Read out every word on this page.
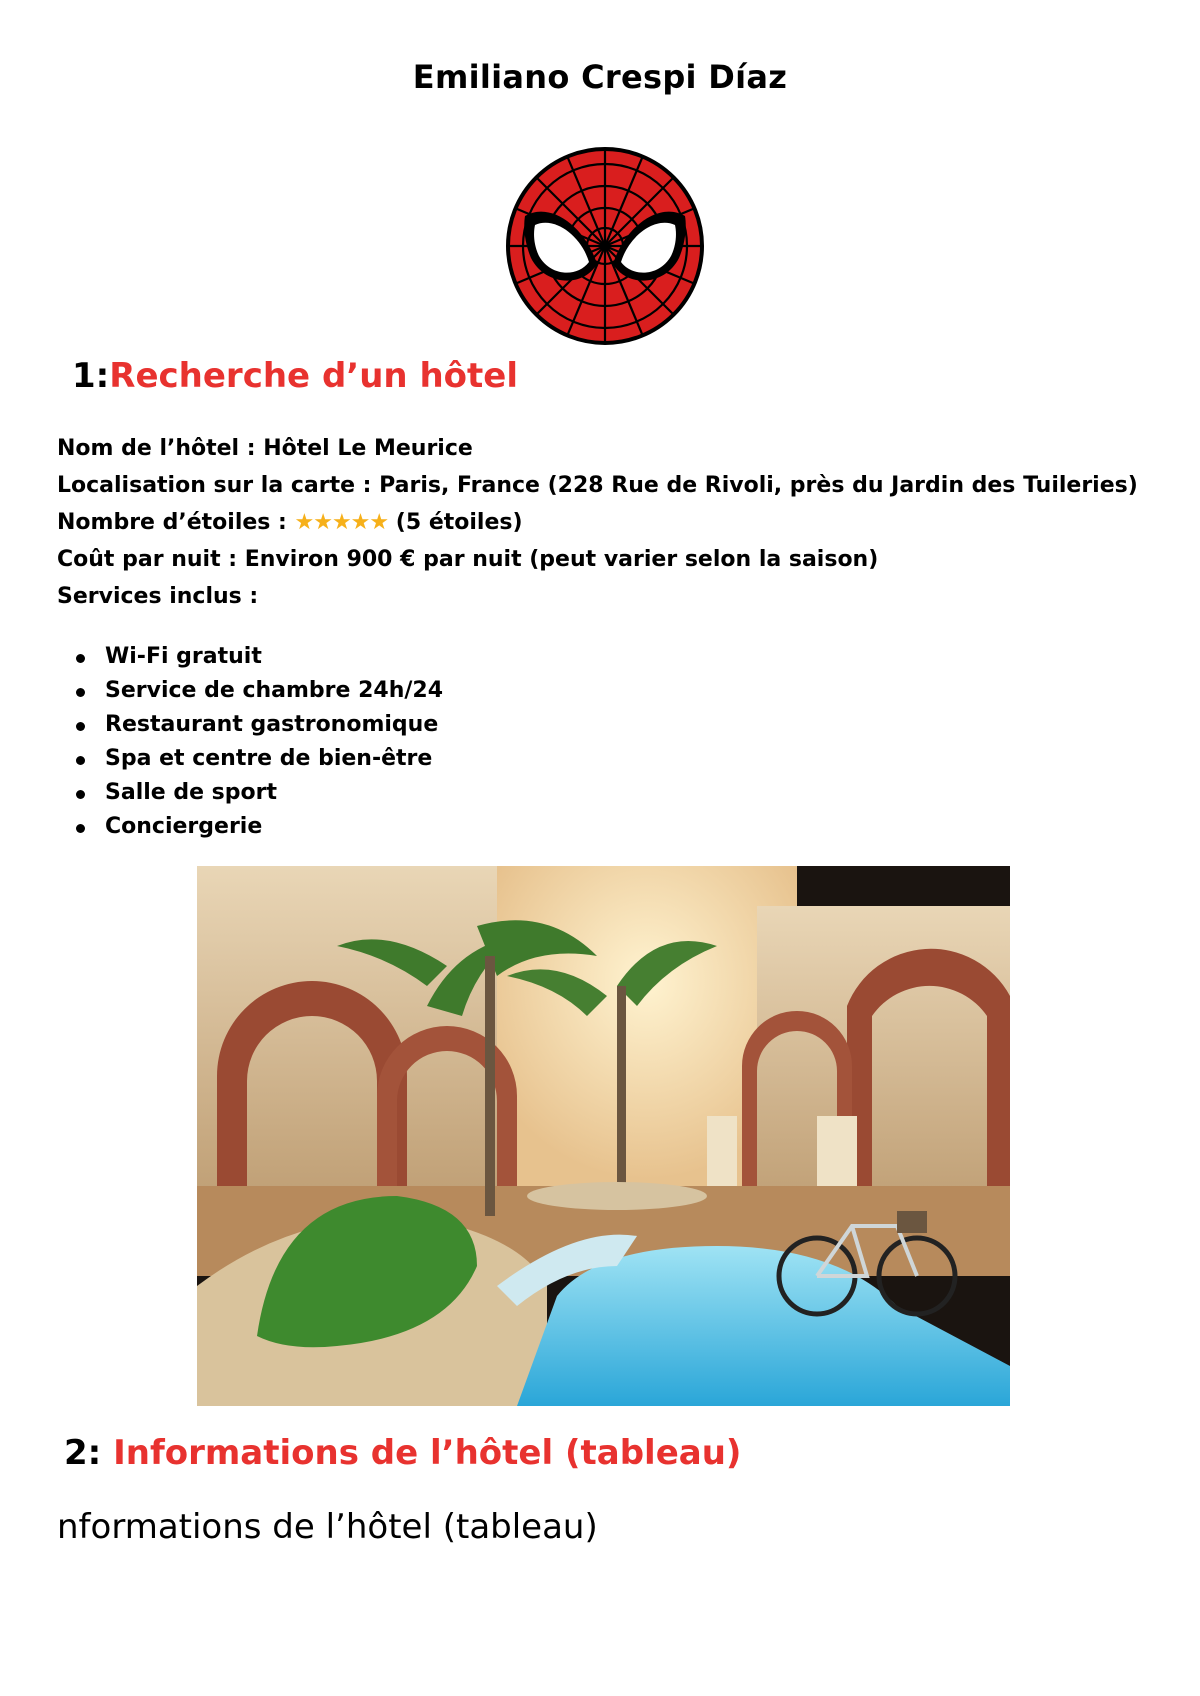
Emiliano Crespi Díaz
1:Recherche d’un hôtel
Nom de l’hôtel : Hôtel Le Meurice
Localisation sur la carte : Paris, France (228 Rue de Rivoli, près du Jardin des Tuileries)
Nombre d’étoiles : ★★★★★ (5 étoiles)
Coût par nuit : Environ 900 € par nuit (peut varier selon la saison)
Services inclus :
Wi-Fi gratuit
Service de chambre 24h/24
Restaurant gastronomique
Spa et centre de bien-être
Salle de sport
Conciergerie
2: Informations de l’hôtel (tableau)
nformations de l’hôtel (tableau)
